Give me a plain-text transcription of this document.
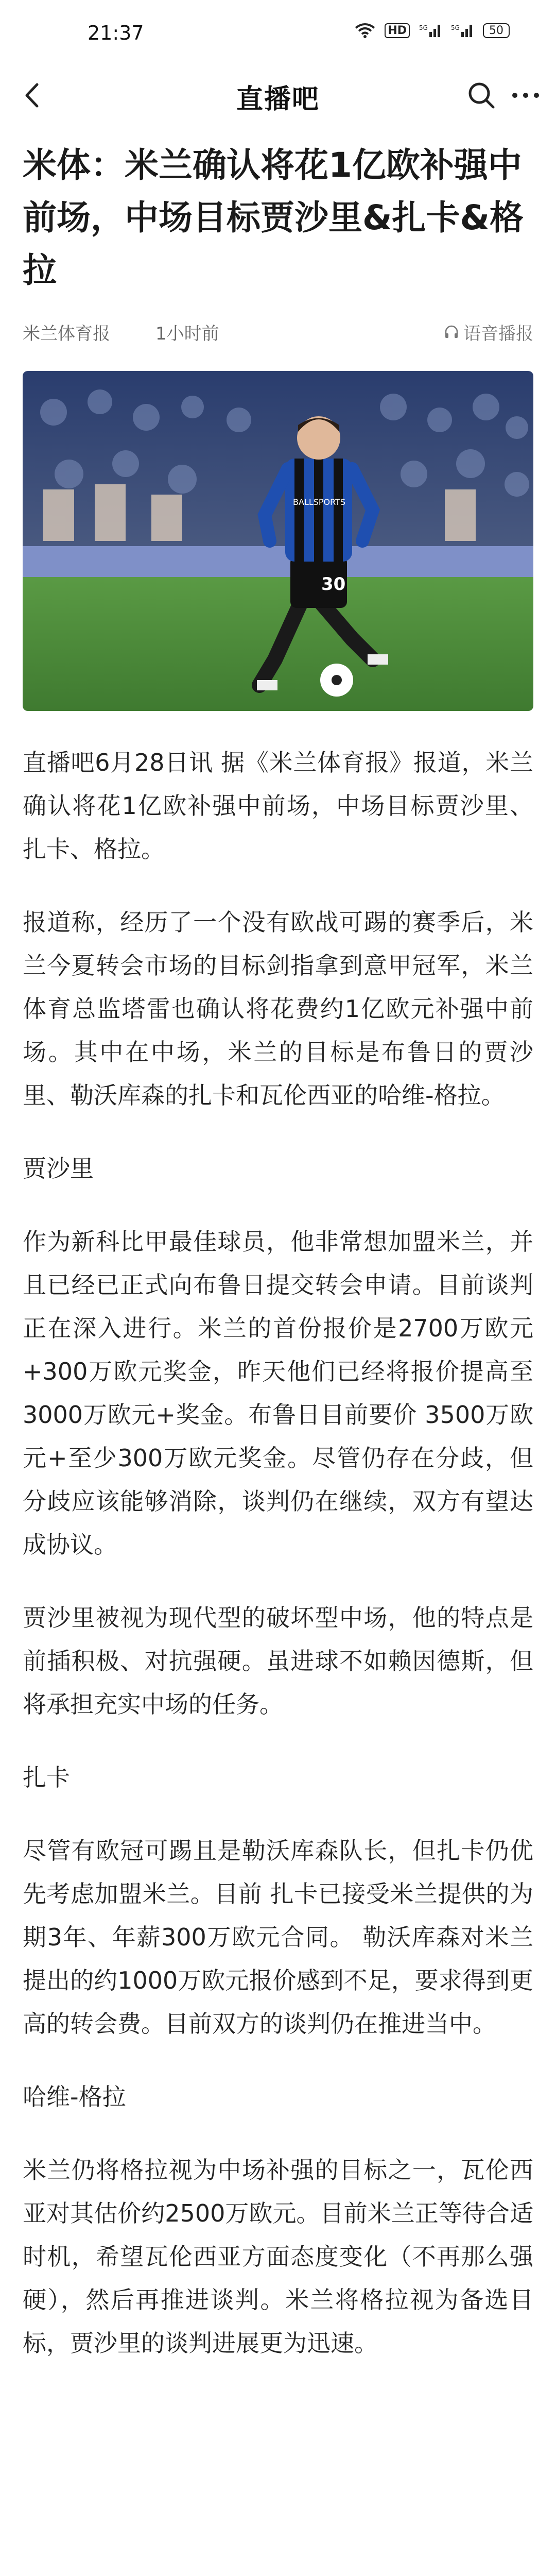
21:37	HD	5G	5G	50
直播吧
米体：米兰确认将花1亿欧补强中前场，中场目标贾沙里&扎卡&格拉
米兰体育报	1小时前	语音播报
30
BALLSPORTS

直播吧6月28日讯 据《米兰体育报》报道，米兰确认将花1亿欧补强中前场，中场目标贾沙里、扎卡、格拉。

报道称，经历了一个没有欧战可踢的赛季后，米兰今夏转会市场的目标剑指拿到意甲冠军，米兰体育总监塔雷也确认将花费约1亿欧元补强中前场。其中在中场，米兰的目标是布鲁日的贾沙里、勒沃库森的扎卡和瓦伦西亚的哈维-格拉。

贾沙里

作为新科比甲最佳球员，他非常想加盟米兰，并且已经已正式向布鲁日提交转会申请。目前谈判正在深入进行。米兰的首份报价是2700万欧元+300万欧元奖金，昨天他们已经将报价提高至3000万欧元+奖金。布鲁日目前要价 3500万欧元+至少300万欧元奖金。尽管仍存在分歧，但分歧应该能够消除，谈判仍在继续，双方有望达成协议。

贾沙里被视为现代型的破坏型中场，他的特点是前插积极、对抗强硬。虽进球不如赖因德斯，但将承担充实中场的任务。

扎卡

尽管有欧冠可踢且是勒沃库森队长，但扎卡仍优先考虑加盟米兰。目前 扎卡已接受米兰提供的为期3年、年薪300万欧元合同。 勒沃库森对米兰提出的约1000万欧元报价感到不足，要求得到更高的转会费。目前双方的谈判仍在推进当中。

哈维-格拉

米兰仍将格拉视为中场补强的目标之一，瓦伦西亚对其估价约2500万欧元。目前米兰正等待合适时机，希望瓦伦西亚方面态度变化（不再那么强硬），然后再推进谈判。米兰将格拉视为备选目标，贾沙里的谈判进展更为迅速。
